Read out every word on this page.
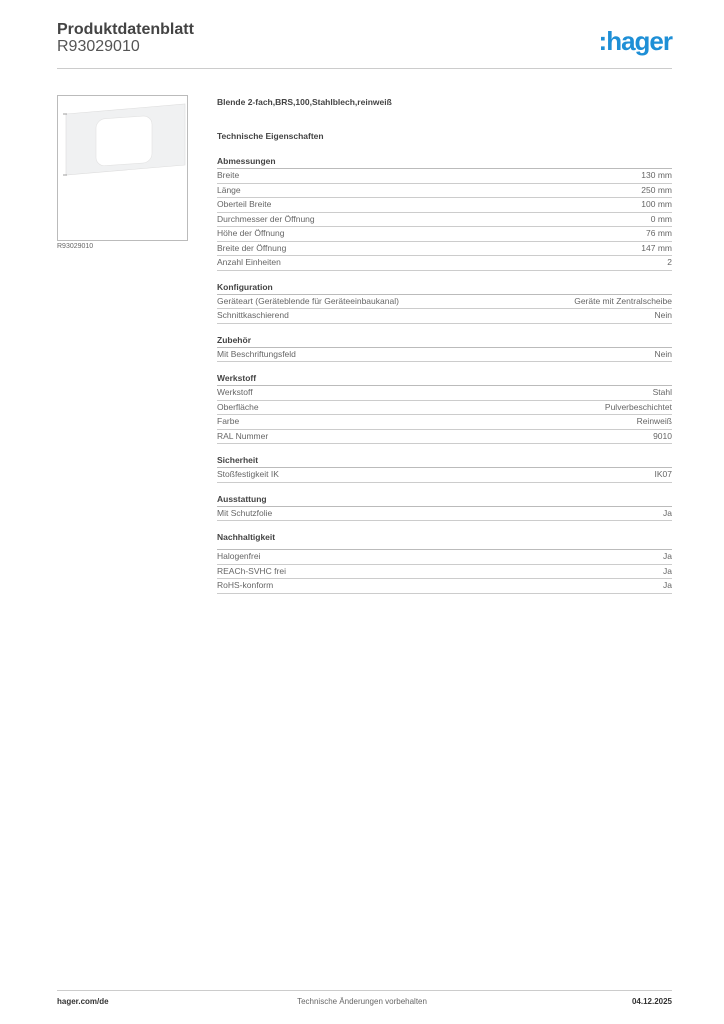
Produktdatenblatt
R93029010	:hager
R93029010
Blende 2-fach,BRS,100,Stahlblech,reinweiß
Technische Eigenschaften
Abmessungen
Breite	130 mm
Länge	250 mm
Oberteil Breite	100 mm
Durchmesser der Öffnung	0 mm
Höhe der Öffnung	76 mm
Breite der Öffnung	147 mm
Anzahl Einheiten	2
Konfiguration
Geräteart (Geräteblende für Geräteeinbaukanal)	Geräte mit Zentralscheibe
Schnittkaschierend	Nein
Zubehör
Mit Beschriftungsfeld	Nein
Werkstoff
Werkstoff	Stahl
Oberfläche	Pulverbeschichtet
Farbe	Reinweiß
RAL Nummer	9010
Sicherheit
Stoßfestigkeit IK	IK07
Ausstattung
Mit Schutzfolie	Ja
Nachhaltigkeit
Halogenfrei	Ja
REACh-SVHC frei	Ja
RoHS-konform	Ja
hager.com/de	Technische Änderungen vorbehalten	04.12.2025
